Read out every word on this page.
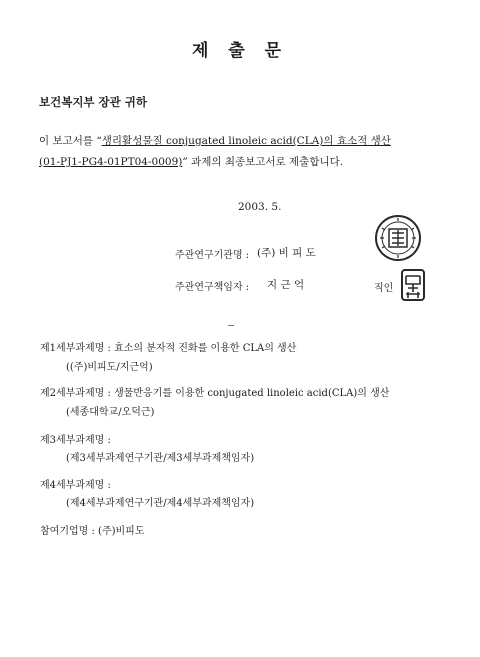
제 출 문
보건복지부 장관 귀하
이 보고서를 “생리활성물질 conjugated linoleic acid(CLA)의 효소적 생산
(01-PJ1-PG4-01PT04-0009)” 과제의 최종보고서로 제출합니다.
2003. 5.
주관연구기관명 : (주) 비 피 도
주관연구책임자 : 지 근 억	직인
제1세부과제명 : 효소의 분자적 진화를 이용한 CLA의 생산
((주)비피도/지근억)
제2세부과제명 : 생물반응기를 이용한 conjugated linoleic acid(CLA)의 생산
(세종대학교/오덕근)
제3세부과제명 :
(제3세부과제연구기관/제3세부과제책임자)
제4세부과제명 :
(제4세부과제연구기관/제4세부과제책임자)
참여기업명 : (주)비피도
